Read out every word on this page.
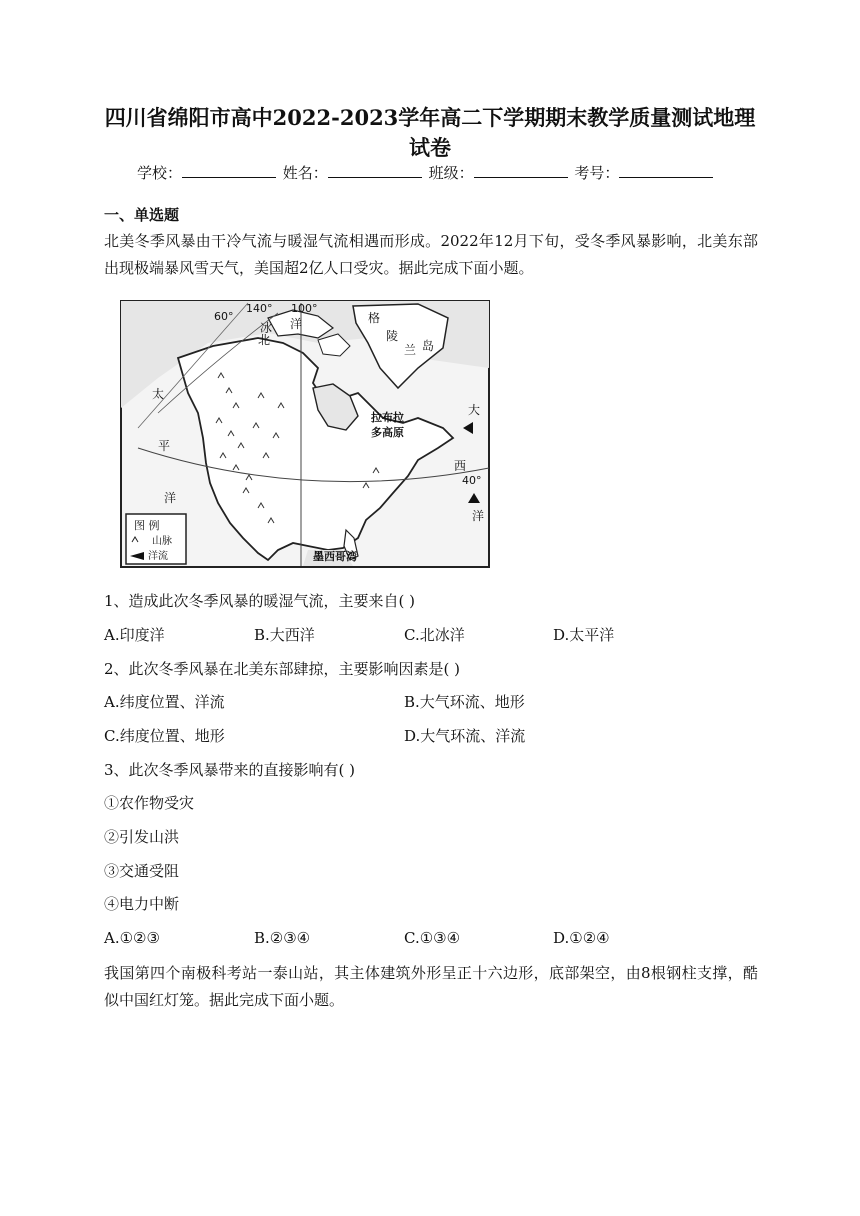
四川省绵阳市高中2022-2023学年高二下学期期末教学质量测试地理
试卷
学校：	姓名：	班级：	考号：
一、单选题
北美冬季风暴由干冷气流与暖湿气流相遇而形成。2022年12月下旬，受冬季风暴影响，北美东部出现极端暴风雪天气，美国超2亿人口受灾。据此完成下面小题。
图 例
山脉
洋流
60°
140° 100°
40°
北
冰 洋	格
陵
兰 岛
拉布拉
多高原
太
平
洋
大
西
洋
墨西哥湾
1、造成此次冬季风暴的暖湿气流，主要来自( )
A.印度洋	B.大西洋	C.北冰洋	D.太平洋
2、此次冬季风暴在北美东部肆掠，主要影响因素是( )
A.纬度位置、洋流	B.大气环流、地形
C.纬度位置、地形	D.大气环流、洋流
3、此次冬季风暴带来的直接影响有( )
①农作物受灾
②引发山洪
③交通受阻
④电力中断
A.①②③	B.②③④	C.①③④	D.①②④
我国第四个南极科考站一泰山站，其主体建筑外形呈正十六边形，底部架空，由8根钢柱支撑，酷似中国红灯笼。据此完成下面小题。
